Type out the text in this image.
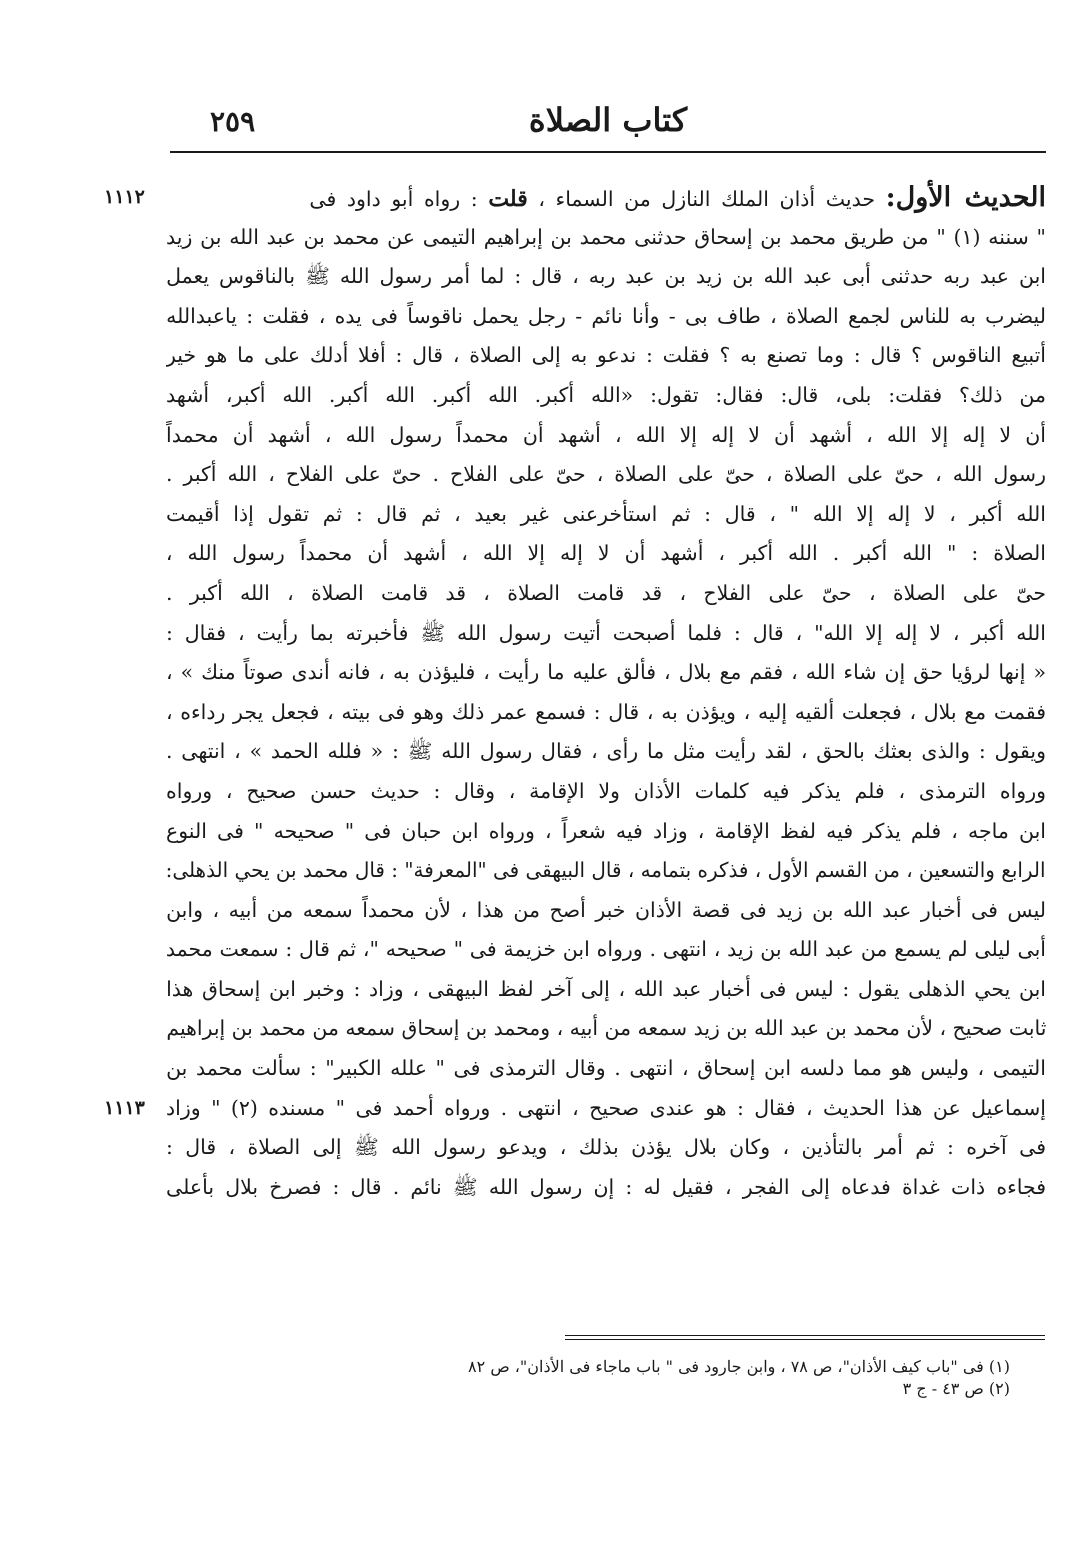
كتاب الصلاة
٢٥٩
الحديث الأول: حديث أذان الملك النازل من السماء ، قلت : رواه أبو داود فى
١١١٢
" سننه (١) " من طريق محمد بن إسحاق حدثنى محمد بن إبراهيم التيمى عن محمد بن عبد الله بن زيد
ابن عبد ربه حدثنى أبى عبد الله بن زيد بن عبد ربه ، قال : لما أمر رسول الله ﷺ بالناقوس يعمل
ليضرب به للناس لجمع الصلاة ، طاف بى - وأنا نائم - رجل يحمل ناقوساً فى يده ، فقلت : ياعبدالله
أتبيع الناقوس ؟ قال : وما تصنع به ؟ فقلت : ندعو به إلى الصلاة ، قال : أفلا أدلك على ما هو خير
من ذلك؟ فقلت: بلى، قال: فقال: تقول: «الله أكبر. الله أكبر. الله أكبر. الله أكبر، أشهد
أن لا إله إلا الله ، أشهد أن لا إله إلا الله ، أشهد أن محمداً رسول الله ، أشهد أن محمداً
رسول الله ، حىّ على الصلاة ، حىّ على الصلاة ، حىّ على الفلاح . حىّ على الفلاح ، الله أكبر .
الله أكبر ، لا إله إلا الله " ، قال : ثم استأخرعنى غير بعيد ، ثم قال : ثم تقول إذا أقيمت
الصلاة : " الله أكبر . الله أكبر ، أشهد أن لا إله إلا الله ، أشهد أن محمداً رسول الله ،
حىّ على الصلاة ، حىّ على الفلاح ، قد قامت الصلاة ، قد قامت الصلاة ، الله أكبر .
الله أكبر ، لا إله إلا الله" ، قال : فلما أصبحت أتيت رسول الله ﷺ فأخبرته بما رأيت ، فقال :
« إنها لرؤيا حق إن شاء الله ، فقم مع بلال ، فألق عليه ما رأيت ، فليؤذن به ، فانه أندى صوتاً منك » ،
فقمت مع بلال ، فجعلت ألقيه إليه ، ويؤذن به ، قال : فسمع عمر ذلك وهو فى بيته ، فجعل يجر رداءه ،
ويقول : والذى بعثك بالحق ، لقد رأيت مثل ما رأى ، فقال رسول الله ﷺ : « فلله الحمد » ، انتهى .
ورواه الترمذى ، فلم يذكر فيه كلمات الأذان ولا الإقامة ، وقال : حديث حسن صحيح ، ورواه
ابن ماجه ، فلم يذكر فيه لفظ الإقامة ، وزاد فيه شعراً ، ورواه ابن حبان فى " صحيحه " فى النوع
الرابع والتسعين ، من القسم الأول ، فذكره بتمامه ، قال البيهقى فى "المعرفة" : قال محمد بن يحي الذهلى:
ليس فى أخبار عبد الله بن زيد فى قصة الأذان خبر أصح من هذا ، لأن محمداً سمعه من أبيه ، وابن
أبى ليلى لم يسمع من عبد الله بن زيد ، انتهى . ورواه ابن خزيمة فى " صحيحه "، ثم قال : سمعت محمد
ابن يحي الذهلى يقول : ليس فى أخبار عبد الله ، إلى آخر لفظ البيهقى ، وزاد : وخبر ابن إسحاق هذا
ثابت صحيح ، لأن محمد بن عبد الله بن زيد سمعه من أبيه ، ومحمد بن إسحاق سمعه من محمد بن إبراهيم
التيمى ، وليس هو مما دلسه ابن إسحاق ، انتهى . وقال الترمذى فى " علله الكبير" : سألت محمد بن
إسماعيل عن هذا الحديث ، فقال : هو عندى صحيح ، انتهى . ورواه أحمد فى " مسنده (٢) " وزاد
١١١٣
فى آخره : ثم أمر بالتأذين ، وكان بلال يؤذن بذلك ، ويدعو رسول الله ﷺ إلى الصلاة ، قال :
فجاءه ذات غداة فدعاه إلى الفجر ، فقيل له : إن رسول الله ﷺ نائم . قال : فصرخ بلال بأعلى
(١) فى "باب كيف الأذان"، ص ٧٨ ، وابن جارود فى " باب ماجاء فى الأذان"، ص ٨٢
(٢) ص ٤٣ - ج ٣
